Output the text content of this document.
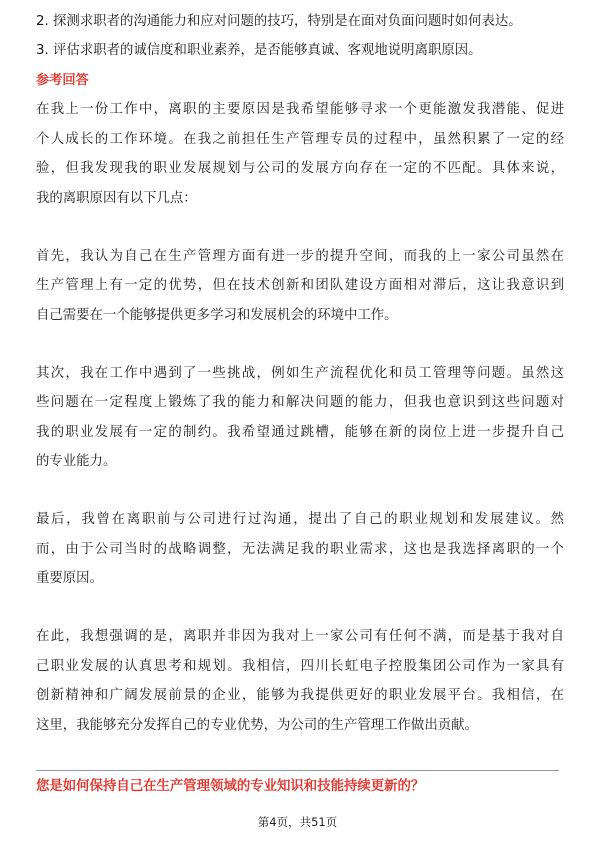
2. 探测求职者的沟通能力和应对问题的技巧，特别是在面对负面问题时如何表达。
3. 评估求职者的诚信度和职业素养，是否能够真诚、客观地说明离职原因。
参考回答
在我上一份工作中，离职的主要原因是我希望能够寻求一个更能激发我潜能、促进
个人成长的工作环境。在我之前担任生产管理专员的过程中，虽然积累了一定的经
验，但我发现我的职业发展规划与公司的发展方向存在一定的不匹配。具体来说，
我的离职原因有以下几点：
首先，我认为自己在生产管理方面有进一步的提升空间，而我的上一家公司虽然在
生产管理上有一定的优势，但在技术创新和团队建设方面相对滞后，这让我意识到
自己需要在一个能够提供更多学习和发展机会的环境中工作。
其次，我在工作中遇到了一些挑战，例如生产流程优化和员工管理等问题。虽然这
些问题在一定程度上锻炼了我的能力和解决问题的能力，但我也意识到这些问题对
我的职业发展有一定的制约。我希望通过跳槽，能够在新的岗位上进一步提升自己
的专业能力。
最后，我曾在离职前与公司进行过沟通，提出了自己的职业规划和发展建议。然
而，由于公司当时的战略调整，无法满足我的职业需求，这也是我选择离职的一个
重要原因。
在此，我想强调的是，离职并非因为我对上一家公司有任何不满，而是基于我对自
己职业发展的认真思考和规划。我相信，四川长虹电子控股集团公司作为一家具有
创新精神和广阔发展前景的企业，能够为我提供更好的职业发展平台。我相信，在
这里，我能够充分发挥自己的专业优势，为公司的生产管理工作做出贡献。
您是如何保持自己在生产管理领域的专业知识和技能持续更新的？
第4页，共51页
